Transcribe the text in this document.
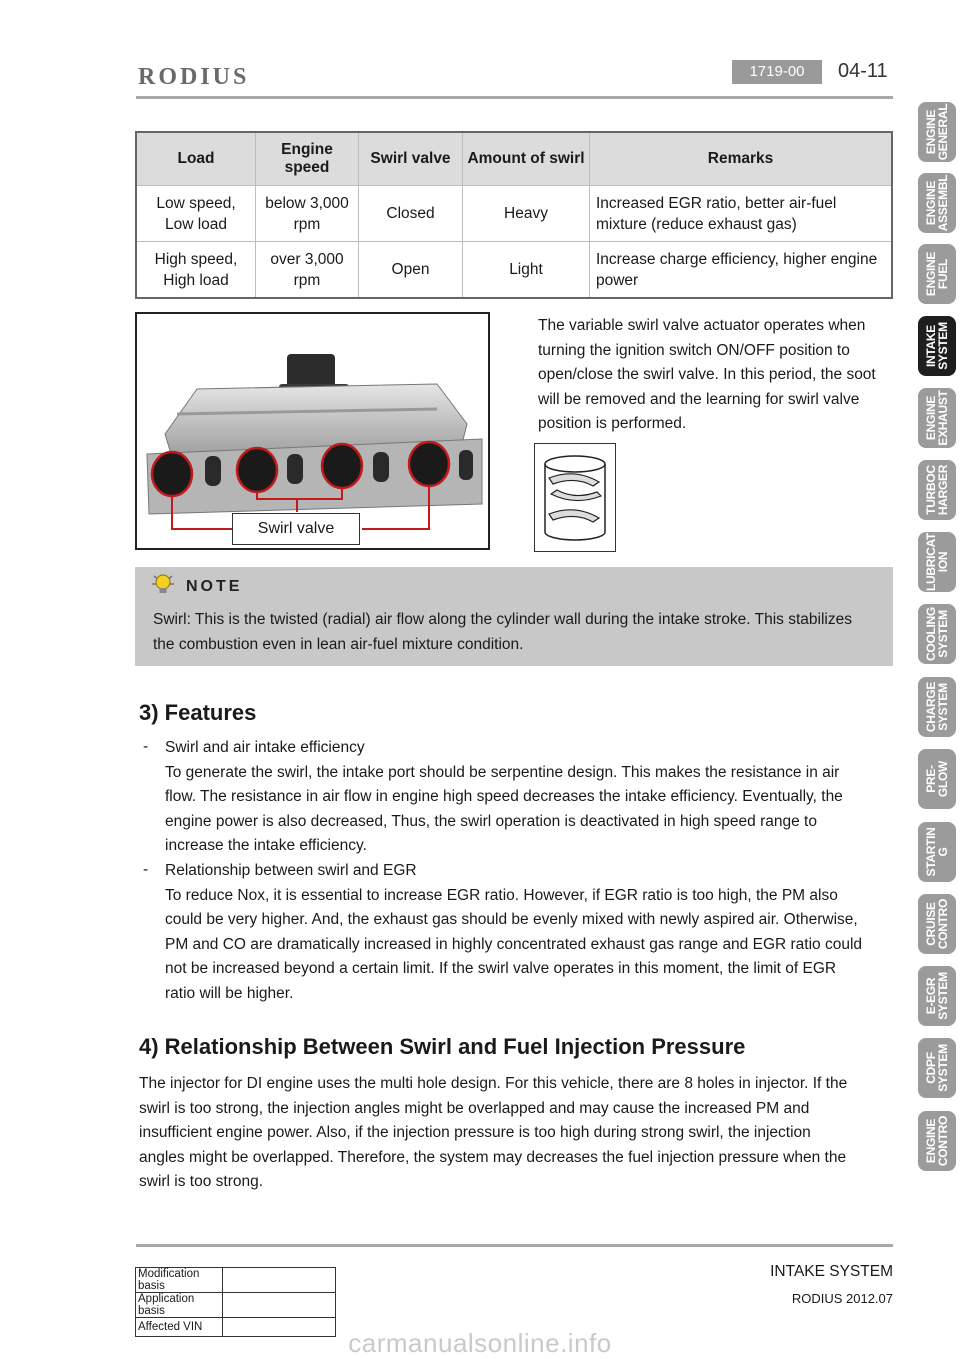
RODIUS	1719-00	04-11
Load	Engine speed	Swirl valve	Amount of swirl	Remarks
Low speed, Low load	below 3,000 rpm	Closed	Heavy	Increased EGR ratio, better air-fuel mixture (reduce exhaust gas)
High speed, High load	over 3,000 rpm	Open	Light	Increase charge efficiency, higher engine power
Swirl valve
The variable swirl valve actuator operates when turning the ignition switch ON/OFF position to open/close the swirl valve. In this period, the soot will be removed and the learning for swirl valve position is performed.
NOTE
Swirl: This is the twisted (radial) air flow along the cylinder wall during the intake stroke. This stabilizes the combustion even in lean air-fuel mixture condition.
3) Features
- Swirl and air intake efficiency
To generate the swirl, the intake port should be serpentine design. This makes the resistance in air flow. The resistance in air flow in engine high speed decreases the intake efficiency. Eventually, the engine power is also decreased, Thus, the swirl operation is deactivated in high speed range to increase the intake efficiency.
- Relationship between swirl and EGR
To reduce Nox, it is essential to increase EGR ratio. However, if EGR ratio is too high, the PM also could be very higher. And, the exhaust gas should be evenly mixed with newly aspired air. Otherwise, PM and CO are dramatically increased in highly concentrated exhaust gas range and EGR ratio could not be increased beyond a certain limit. If the swirl valve operates in this moment, the limit of EGR ratio will be higher.
4) Relationship Between Swirl and Fuel Injection Pressure
The injector for DI engine uses the multi hole design. For this vehicle, there are 8 holes in injector. If the swirl is too strong, the injection angles might be overlapped and may cause the increased PM and insufficient engine power. Also, if the injection pressure is too high during strong swirl, the injection angles might be overlapped. Therefore, the system may decreases the fuel injection pressure when the swirl is too strong.
ENGINE
GENERAL
ENGINE
ASSEMBL
ENGINE
FUEL
INTAKE
SYSTEM
ENGINE
EXHAUST
TURBOC
HARGER
LUBRICAT
ION
COOLING
SYSTEM
CHARGE
SYSTEM
PRE-
GLOW
STARTIN
G
CRUISE
CONTRO
E-EGR
SYSTEM
CDPF
SYSTEM
ENGINE
CONTRO
Modification basis	
Application basis	
Affected VIN	
INTAKE SYSTEM
RODIUS 2012.07
carmanualsonline.info
